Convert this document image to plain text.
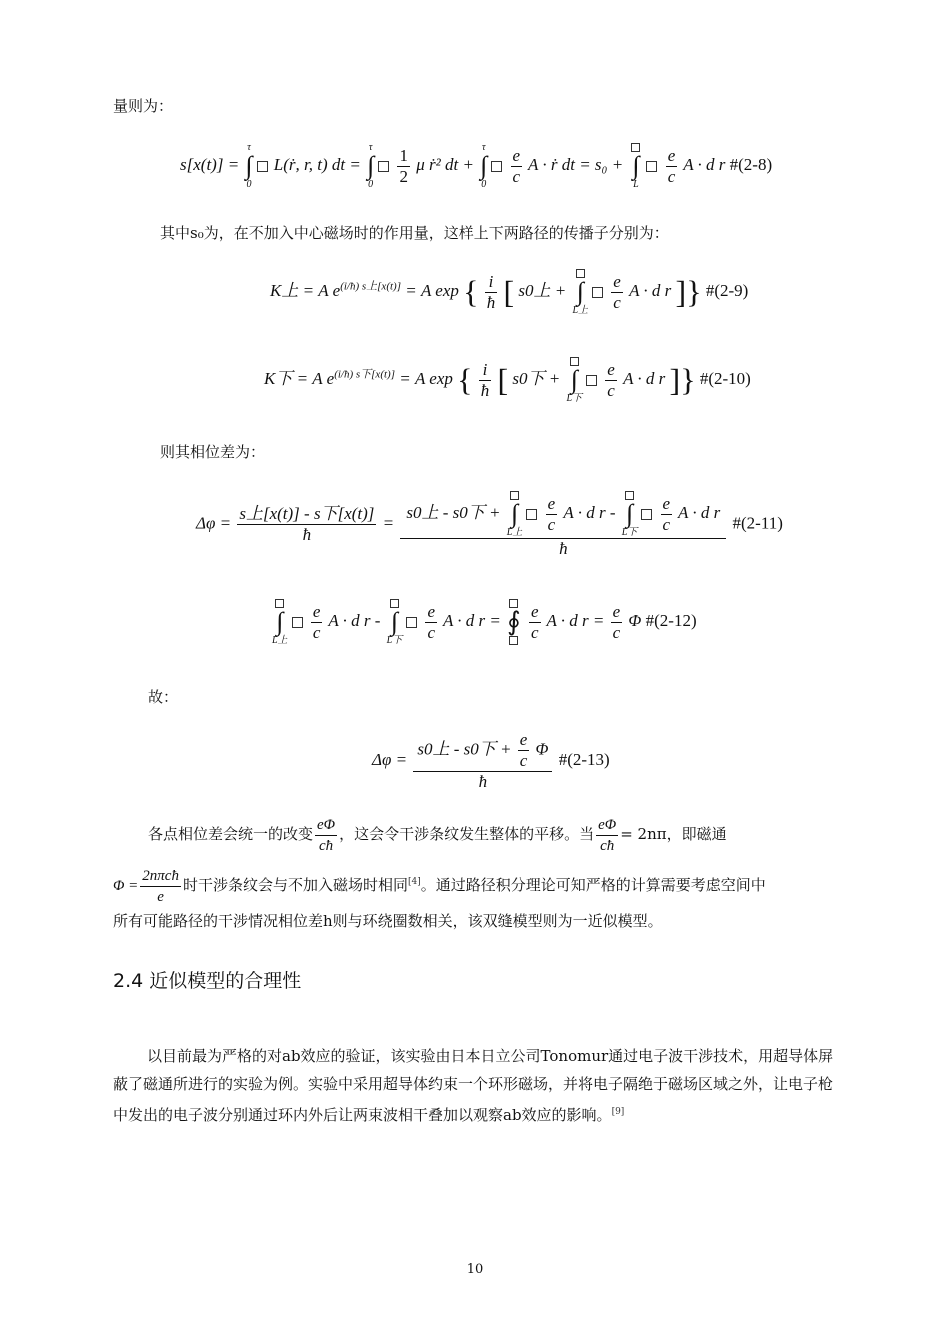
量则为：
s[x(t)] =
τ
∫
0
L(ṙ, r, t) dt =
τ
∫
0
$\frac{1}{2}$ μ ṙ² dt +
τ
∫
0
$\frac{e}{c}$ A · ṙ dt = s₀ + ∫
L
$\frac{e}{c}$ A · d r #(2-8)
其中s₀为，在不加入中心磁场时的作用量，这样上下两路径的传播子分别为：
K上 = A $e^{(i/ħ) s上[x(t)]} = A$ exp { $\frac{i}{ħ}$ [ s0上 + ∫
L上
$\frac{e}{c}$ A · d r ]} #(2-9)
K下 = A $e^{(i/ħ) s下[x(t)]} = A$ exp { $\frac{i}{ħ}$ [ s0下 + ∫
L下
$\frac{e}{c}$ A · d r ]} #(2-10)
则其相位差为：
$\Delta\varphi = \frac{\text{s上[x(t)] - s下[x(t)]}}{ħ}$ =
s0上 - s0下 + ∫
L上
$\frac{e}{c}$ A · d r - ∫
L下
$\frac{e}{c}$ A · d r
ħ
#(2-11)
∫
L上
$\frac{e}{c}$ A · d r - ∫
L下
$\frac{e}{c}$ A · d r = ∮
$\frac{e}{c}$ A · d $r = \frac{e}{c}$ Φ #(2-12)
故：
$\Delta\varphi = \frac{s0上 - s0下 + \frac{e}{c} \Phi}{ħ}$ #(2-13)
各点相位差会统一的改变 $\frac{e\Phi}{cħ}$ ，这会令干涉条纹发生整体的平移。当 $\frac{e\Phi}{cħ} = 2n\pi$，即磁通
$\Phi = \frac{\text{2nπcħ}}{e}$ 时干涉条纹会与不加入磁场时相同[4]。通过路径积分理论可知严格的计算需要考虑空间中
所有可能路径的干涉情况相位差h则与环绕圈数相关，该双缝模型则为一近似模型。
2.4 近似模型的合理性
以目前最为严格的对ab效应的验证，该实验由日本日立公司Tonomur通过电子波干涉技术，用超导体屏蔽了磁通所进行的实验为例。实验中采用超导体约束一个环形磁场，并将电子隔绝于磁场区域之外，让电子枪中发出的电子波分别通过环内外后让两束波相干叠加以观察ab效应的影响。[9]
10
